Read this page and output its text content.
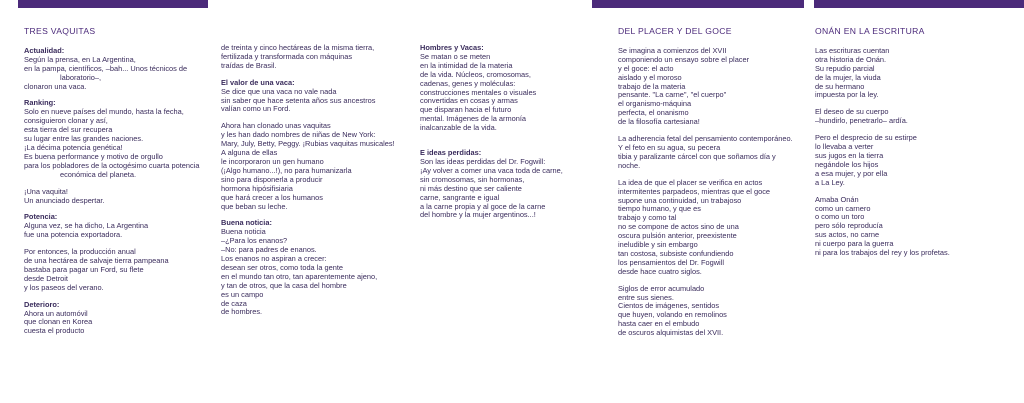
TRES VAQUITAS
Actualidad:
Según la prensa, en La Argentina,
en la pampa, científicos, –bah... Unos técnicos de
laboratorio–,
clonaron una vaca.
Ranking:
Solo en nueve países del mundo, hasta la fecha,
consiguieron clonar y así,
esta tierra del sur recupera
su lugar entre las grandes naciones.
¡La décima potencia genética!
Es buena performance y motivo de orgullo
para los pobladores de la octogésimo cuarta potencia
económica del planeta.
¡Una vaquita!
Un anunciado despertar.
Potencia:
Alguna vez, se ha dicho, La Argentina
fue una potencia exportadora.
Por entonces, la producción anual
de una hectárea de salvaje tierra pampeana
bastaba para pagar un Ford, su flete
desde Detroit
y los paseos del verano.
Deterioro:
Ahora un automóvil
que clonan en Korea
cuesta el producto
de treinta y cinco hectáreas de la misma tierra,
fertilizada y transformada con máquinas
traídas de Brasil.
El valor de una vaca:
Se dice que una vaca no vale nada
sin saber que hace setenta años sus ancestros
valían como un Ford.
Ahora han clonado unas vaquitas
y les han dado nombres de niñas de New York:
Mary, July, Betty, Peggy. ¡Rubias vaquitas musicales!
A alguna de ellas
le incorporaron un gen humano
(¡Algo humano...!), no para humanizarla
sino para disponerla a producir
hormona hipósifisiaria
que hará crecer a los humanos
que beban su leche.
Buena noticia:
Buena noticia
–¿Para los enanos?
–No: para padres de enanos.
Los enanos no aspiran a crecer:
desean ser otros, como toda la gente
en el mundo tan otro, tan aparentemente ajeno,
y tan de otros, que la casa del hombre
es un campo
de caza
de hombres.
Hombres y Vacas:
Se matan o se meten
en la intimidad de la materia
de la vida. Núcleos, cromosomas,
cadenas, genes y moléculas:
construcciones mentales o visuales
convertidas en cosas y armas
que disparan hacia el futuro
mental. Imágenes de la armonía
inalcanzable de la vida.
E ideas perdidas:
Son las ideas perdidas del Dr. Fogwill:
¡Ay volver a comer una vaca toda de carne,
sin cromosomas, sin hormonas,
ni más destino que ser caliente
carne, sangrante e igual
a la carne propia y al goce de la carne
del hombre y la mujer argentinos...!
DEL PLACER Y DEL GOCE
Se imagina a comienzos del XVII
componiendo un ensayo sobre el placer
y el goce: el acto
aislado y el moroso
trabajo de la materia
pensante. "La carne", "el cuerpo"
el organismo-máquina
perfecta, el onanismo
de la filosofía cartesiana!
La adherencia fetal del pensamiento contemporáneo.
Y el feto en su agua, su pecera
tibia y paralizante cárcel con que soñamos día y
noche.
La idea de que el placer se verifica en actos
intermitentes parpadeos, mientras que el goce
supone una continuidad, un trabajoso
tiempo humano, y que es
trabajo y como tal
no se compone de actos sino de una
oscura pulsión anterior, preexistente
ineludible y sin embargo
tan costosa, subsiste confundiendo
los pensamientos del Dr. Fogwill
desde hace cuatro siglos.
Siglos de error acumulado
entre sus sienes.
Cientos de imágenes, sentidos
que huyen, volando en remolinos
hasta caer en el embudo
de oscuros alquimistas del XVII.
ONÁN EN LA ESCRITURA
Las escrituras cuentan
otra historia de Onán.
Su repudio parcial
de la mujer, la viuda
de su hermano
impuesta por la ley.
El deseo de su cuerpo
–hundirlo, penetrarlo– ardía.
Pero el desprecio de su estirpe
lo llevaba a verter
sus jugos en la tierra
negándole los hijos
a esa mujer, y por ella
a La Ley.
Amaba Onán
como un carnero
o como un toro
pero sólo reproducía
sus actos, no carne
ni cuerpo para la guerra
ni para los trabajos del rey y los profetas.
